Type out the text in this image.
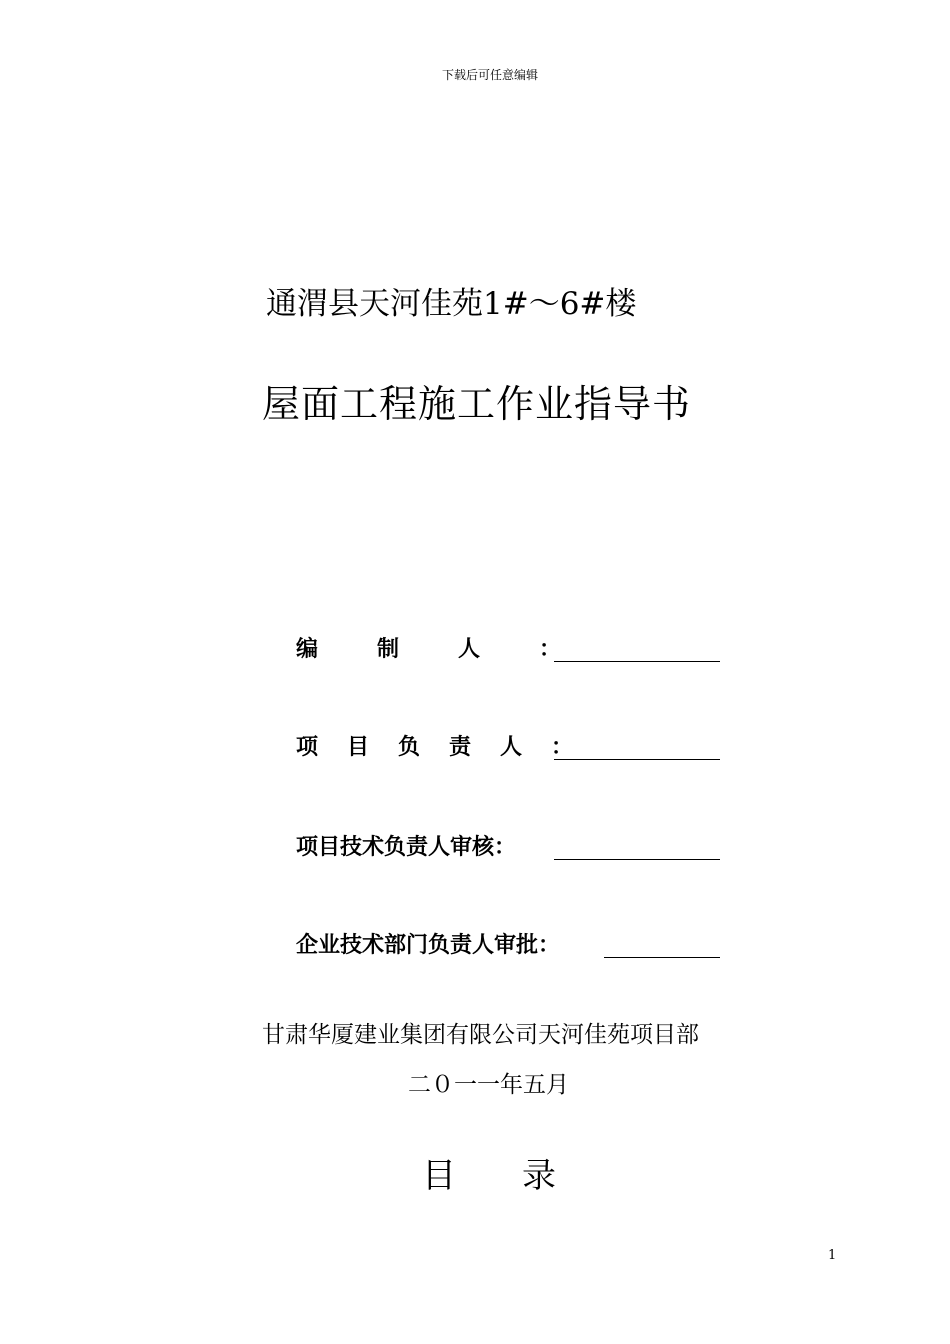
下载后可任意编辑
通渭县天河佳苑1#～6#楼
屋面工程施工作业指导书
编制人：
项目负责人：
项目技术负责人审核：
企业技术部门负责人审批：
甘肃华厦建业集团有限公司天河佳苑项目部
二０一一年五月
目录
1
